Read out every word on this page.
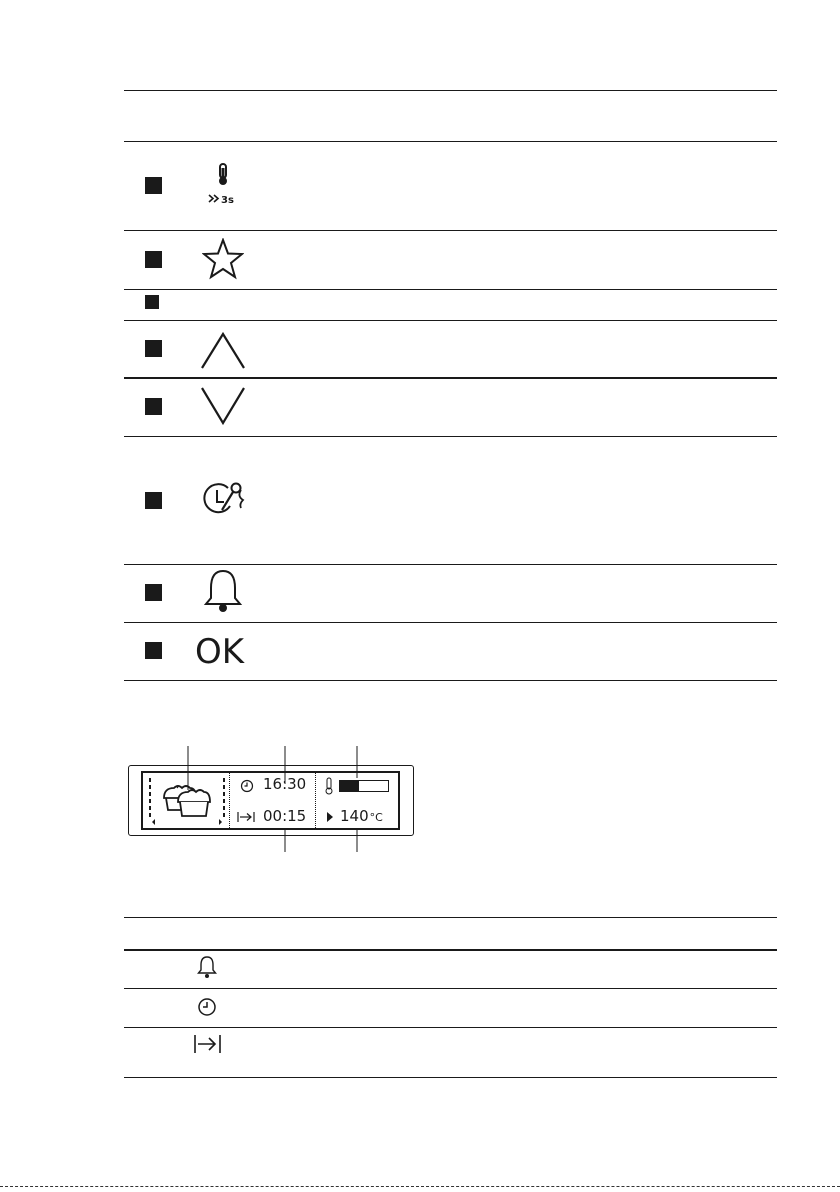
3s
OK
16:30
00:15 140°C
